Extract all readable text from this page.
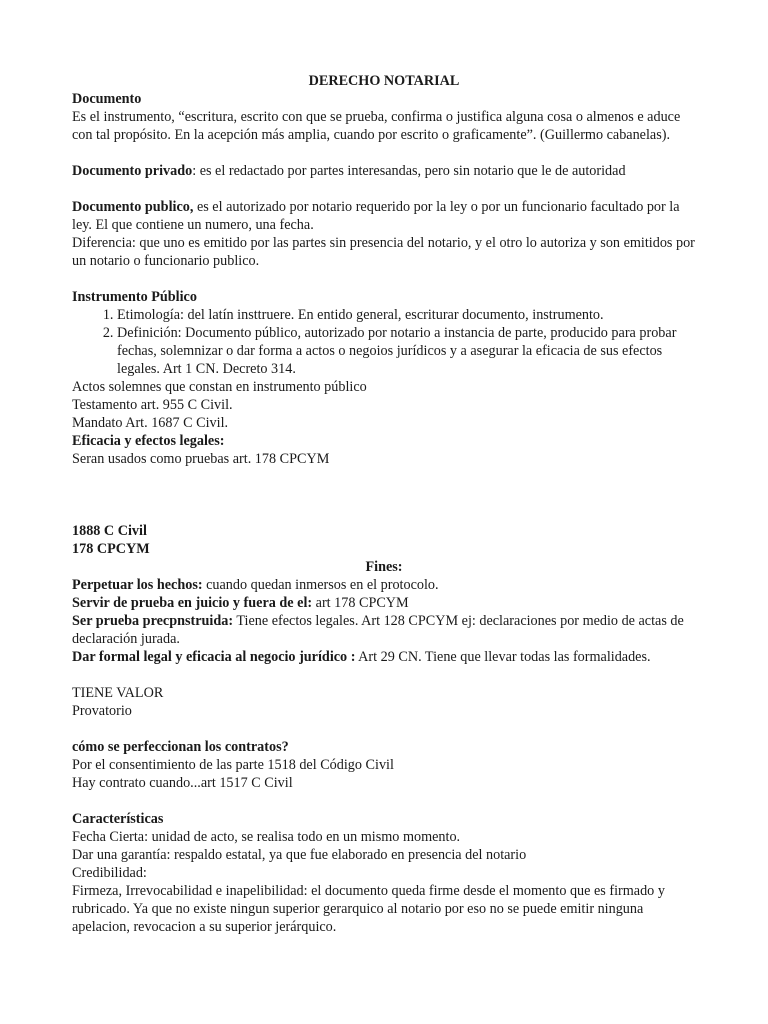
DERECHO NOTARIAL

Documento

Es el instrumento, “escritura, escrito con que se prueba, confirma o justifica alguna cosa o almenos e aduce con tal propósito. En la acepción más amplia, cuando por escrito o graficamente”. (Guillermo cabanelas).

Documento privado: es el redactado por partes interesandas, pero sin notario que le de autoridad

Documento publico, es el autorizado por notario requerido por la ley o por un funcionario facultado por la ley. El que contiene un numero, una fecha.

Diferencia: que uno es emitido por las partes sin presencia del notario, y el otro lo autoriza y son emitidos por un notario o funcionario publico.

Instrumento Público

1. Etimología: del latín insttruere. En entido general, escriturar documento, instrumento.
2. Definición: Documento público, autorizado por notario a instancia de parte, producido para probar fechas, solemnizar o dar forma a actos o negoios jurídicos y a asegurar la eficacia de sus efectos legales. Art 1 CN. Decreto 314.

Actos solemnes que constan en instrumento público

Testamento art. 955 C Civil.

Mandato Art. 1687 C Civil.

Eficacia y efectos legales:

Seran usados como pruebas art. 178 CPCYM

1888 C Civil

178 CPCYM

Fines:

Perpetuar los hechos: cuando quedan inmersos en el protocolo.

Servir de prueba en juicio y fuera de el: art 178 CPCYM

Ser prueba precpnstruida: Tiene efectos legales. Art 128 CPCYM ej: declaraciones por medio de actas de declaración jurada.

Dar formal legal y eficacia al negocio jurídico : Art 29 CN. Tiene que llevar todas las formalidades.

TIENE VALOR

Provatorio

cómo se perfeccionan los contratos?

Por el consentimiento de las parte 1518 del Código Civil

Hay contrato cuando...art 1517 C Civil

Características

Fecha Cierta: unidad de acto, se realisa todo en un mismo momento.

Dar una garantía: respaldo estatal, ya que fue elaborado en presencia del notario

Credibilidad:

Firmeza, Irrevocabilidad e inapelibilidad: el documento queda firme desde el momento que es firmado y rubricado. Ya que no existe ningun superior gerarquico al notario por eso no se puede emitir ninguna apelacion, revocacion a su superior jerárquico.
